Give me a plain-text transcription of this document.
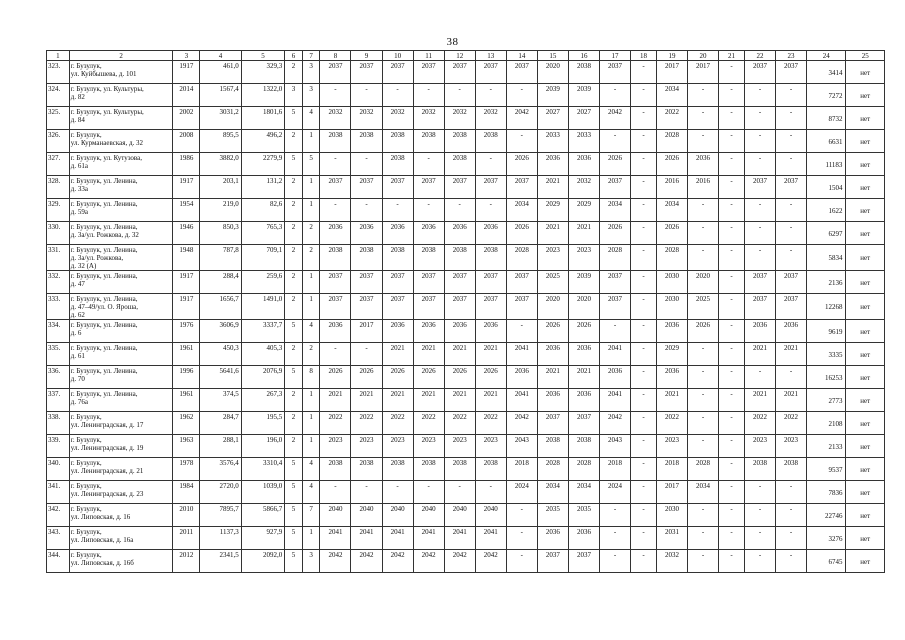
38
1	2	3	4	5	6	7	8	9	10	11	12	13	14	15	16	17	18	19	20	21	22	23	24	25
323.	г. Бузулук,
ул. Куйбышева, д. 101	1917	461,0	329,3	2	3	2037	2037	2037	2037	2037	2037	2037	2020	2038	2037	-	2017	2017	-	2037	2037	3414	нет
324.	г. Бузулук, ул. Культуры,
д. 82	2014	1567,4	1322,0	3	3	-	-	-	-	-	-	-	2039	2039	-	-	2034	-	-	-	-	7272	нет
325.	г. Бузулук, ул. Культуры,
д. 84	2002	3031,2	1801,6	5	4	2032	2032	2032	2032	2032	2032	2042	2027	2027	2042	-	2022	-	-	-	-	8732	нет
326.	г. Бузулук,
ул. Курманаевская, д. 32	2008	895,5	496,2	2	1	2038	2038	2038	2038	2038	2038	-	2033	2033	-	-	2028	-	-	-	-	6631	нет
327.	г. Бузулук, ул. Кутузова,
д. 61а	1986	3882,0	2279,9	5	5	-	-	2038	-	2038	-	2026	2036	2036	2026	-	2026	2036	-	-	-	11183	нет
328.	г. Бузулук, ул. Ленина,
д. 33а	1917	203,1	131,2	2	1	2037	2037	2037	2037	2037	2037	2037	2021	2032	2037	-	2016	2016	-	2037	2037	1504	нет
329.	г. Бузулук, ул. Ленина,
д. 59а	1954	219,0	82,6	2	1	-	-	-	-	-	-	2034	2029	2029	2034	-	2034	-	-	-	-	1622	нет
330.	г. Бузулук, ул. Ленина,
д. 3а/ул. Рожкова, д. 32	1946	850,3	765,3	2	2	2036	2036	2036	2036	2036	2036	2026	2021	2021	2026	-	2026	-	-	-	-	6297	нет
331.	г. Бузулук, ул. Ленина,
д. 3а/ул. Рожкова,
д. 32 (А)	1948	787,8	709,1	2	2	2038	2038	2038	2038	2038	2038	2028	2023	2023	2028	-	2028	-	-	-	-	5834	нет
332.	г. Бузулук, ул. Ленина,
д. 47	1917	288,4	259,6	2	1	2037	2037	2037	2037	2037	2037	2037	2025	2039	2037	-	2030	2020	-	2037	2037	2136	нет
333.	г. Бузулук, ул. Ленина,
д. 47–49/ул. О. Яроша,
д. 62	1917	1656,7	1491,0	2	1	2037	2037	2037	2037	2037	2037	2037	2020	2020	2037	-	2030	2025	-	2037	2037	12268	нет
334.	г. Бузулук, ул. Ленина,
д. 6	1976	3606,9	3337,7	5	4	2036	2017	2036	2036	2036	2036	-	2026	2026	-	-	2036	2026	-	2036	2036	9619	нет
335.	г. Бузулук, ул. Ленина,
д. 61	1961	450,3	405,3	2	2	-	-	2021	2021	2021	2021	2041	2036	2036	2041	-	2029	-	-	2021	2021	3335	нет
336.	г. Бузулук, ул. Ленина,
д. 70	1996	5641,6	2076,9	5	8	2026	2026	2026	2026	2026	2026	2036	2021	2021	2036	-	2036	-	-	-	-	16253	нет
337.	г. Бузулук, ул. Ленина,
д. 76а	1961	374,5	267,3	2	1	2021	2021	2021	2021	2021	2021	2041	2036	2036	2041	-	2021	-	-	2021	2021	2773	нет
338.	г. Бузулук,
ул. Ленинградская, д. 17	1962	284,7	195,5	2	1	2022	2022	2022	2022	2022	2022	2042	2037	2037	2042	-	2022	-	-	2022	2022	2108	нет
339.	г. Бузулук,
ул. Ленинградская, д. 19	1963	288,1	196,0	2	1	2023	2023	2023	2023	2023	2023	2043	2038	2038	2043	-	2023	-	-	2023	2023	2133	нет
340.	г. Бузулук,
ул. Ленинградская, д. 21	1978	3576,4	3310,4	5	4	2038	2038	2038	2038	2038	2038	2018	2028	2028	2018	-	2018	2028	-	2038	2038	9537	нет
341.	г. Бузулук,
ул. Ленинградская, д. 23	1984	2720,0	1039,0	5	4	-	-	-	-	-	-	2024	2034	2034	2024	-	2017	2034	-	-	-	7836	нет
342.	г. Бузулук,
ул. Липовская, д. 16	2010	7895,7	5866,7	5	7	2040	2040	2040	2040	2040	2040	-	2035	2035	-	-	2030	-	-	-	-	22746	нет
343.	г. Бузулук,
ул. Липовская, д. 16а	2011	1137,3	927,9	5	1	2041	2041	2041	2041	2041	2041	-	2036	2036	-	-	2031	-	-	-	-	3276	нет
344.	г. Бузулук,
ул. Липовская, д. 16б	2012	2341,5	2092,0	5	3	2042	2042	2042	2042	2042	2042	-	2037	2037	-	-	2032	-	-	-	-	6745	нет
